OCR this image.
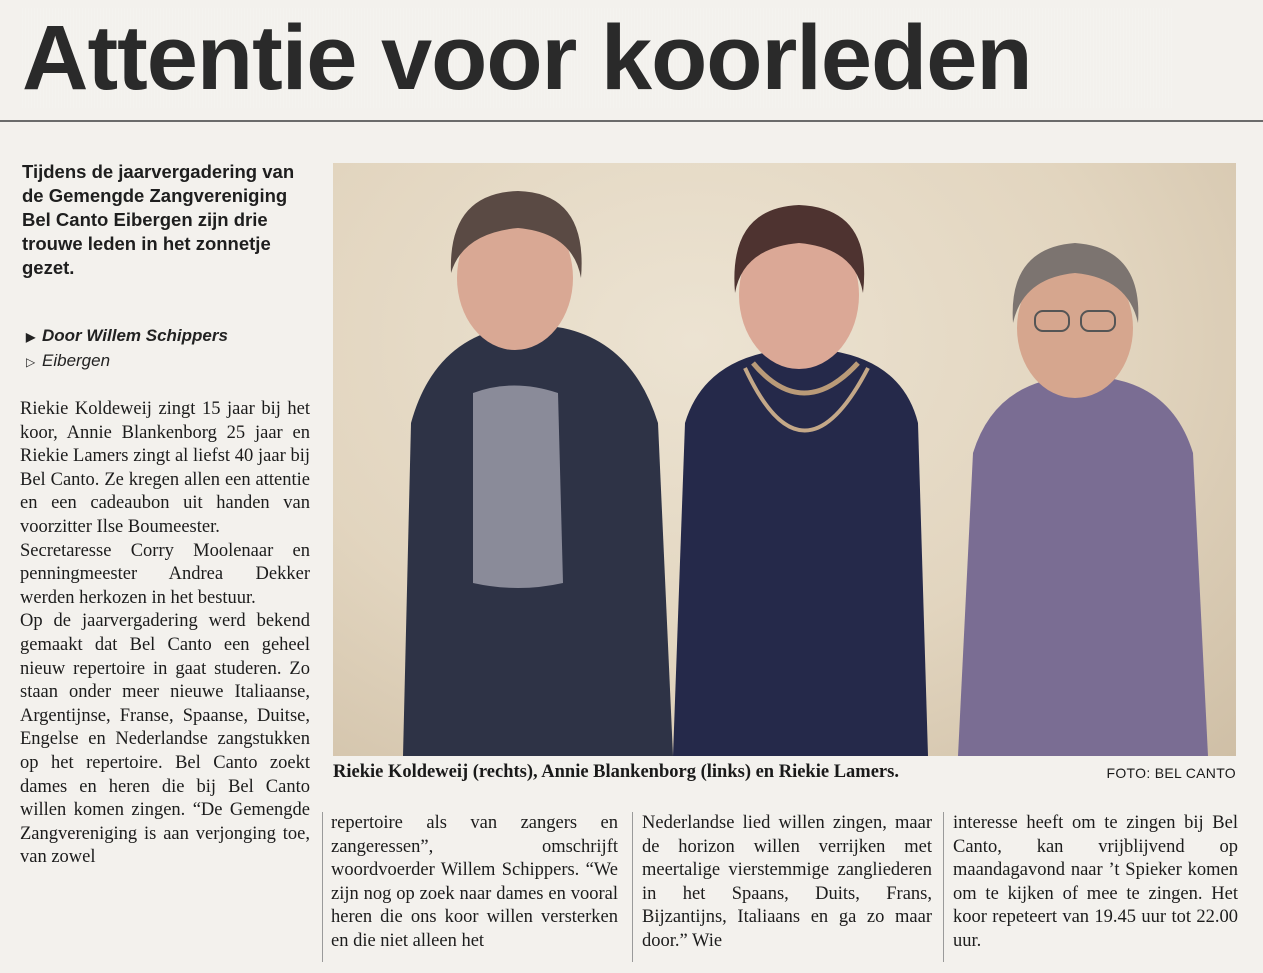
Attentie voor koorleden
Tijdens de jaarvergadering van de Gemengde Zangvereniging Bel Canto Eibergen zijn drie trouwe leden in het zonnetje gezet.
▶ Door Willem Schippers
▷ Eibergen

Riekie Koldeweij zingt 15 jaar bij het koor, Annie Blankenborg 25 jaar en Riekie Lamers zingt al liefst 40 jaar bij Bel Canto. Ze kregen allen een attentie en een cadeaubon uit handen van voorzitter Ilse Boumeester.

Secretaresse Corry Moolenaar en penningmeester Andrea Dekker werden herkozen in het bestuur.

Op de jaarvergadering werd bekend gemaakt dat Bel Canto een geheel nieuw repertoire in gaat studeren. Zo staan onder meer nieuwe Italiaanse, Argentijnse, Franse, Spaanse, Duitse, Engelse en Nederlandse zangstukken op het repertoire. Bel Canto zoekt dames en heren die bij Bel Canto willen komen zingen. “De Gemengde Zangvereniging is aan verjonging toe, van zowel

Riekie Koldeweij (rechts), Annie Blankenborg (links) en Riekie Lamers.	FOTO: BEL CANTO

repertoire als van zangers en zangeressen”, omschrijft woordvoerder Willem Schippers. “We zijn nog op zoek naar dames en vooral heren die ons koor willen versterken en die niet alleen het

Nederlandse lied willen zingen, maar de horizon willen verrijken met meertalige vierstemmige zangliederen in het Spaans, Duits, Frans, Bijzantijns, Italiaans en ga zo maar door.” Wie

interesse heeft om te zingen bij Bel Canto, kan vrijblijvend op maandagavond naar ’t Spieker komen om te kijken of mee te zingen. Het koor repeteert van 19.45 uur tot 22.00 uur.
